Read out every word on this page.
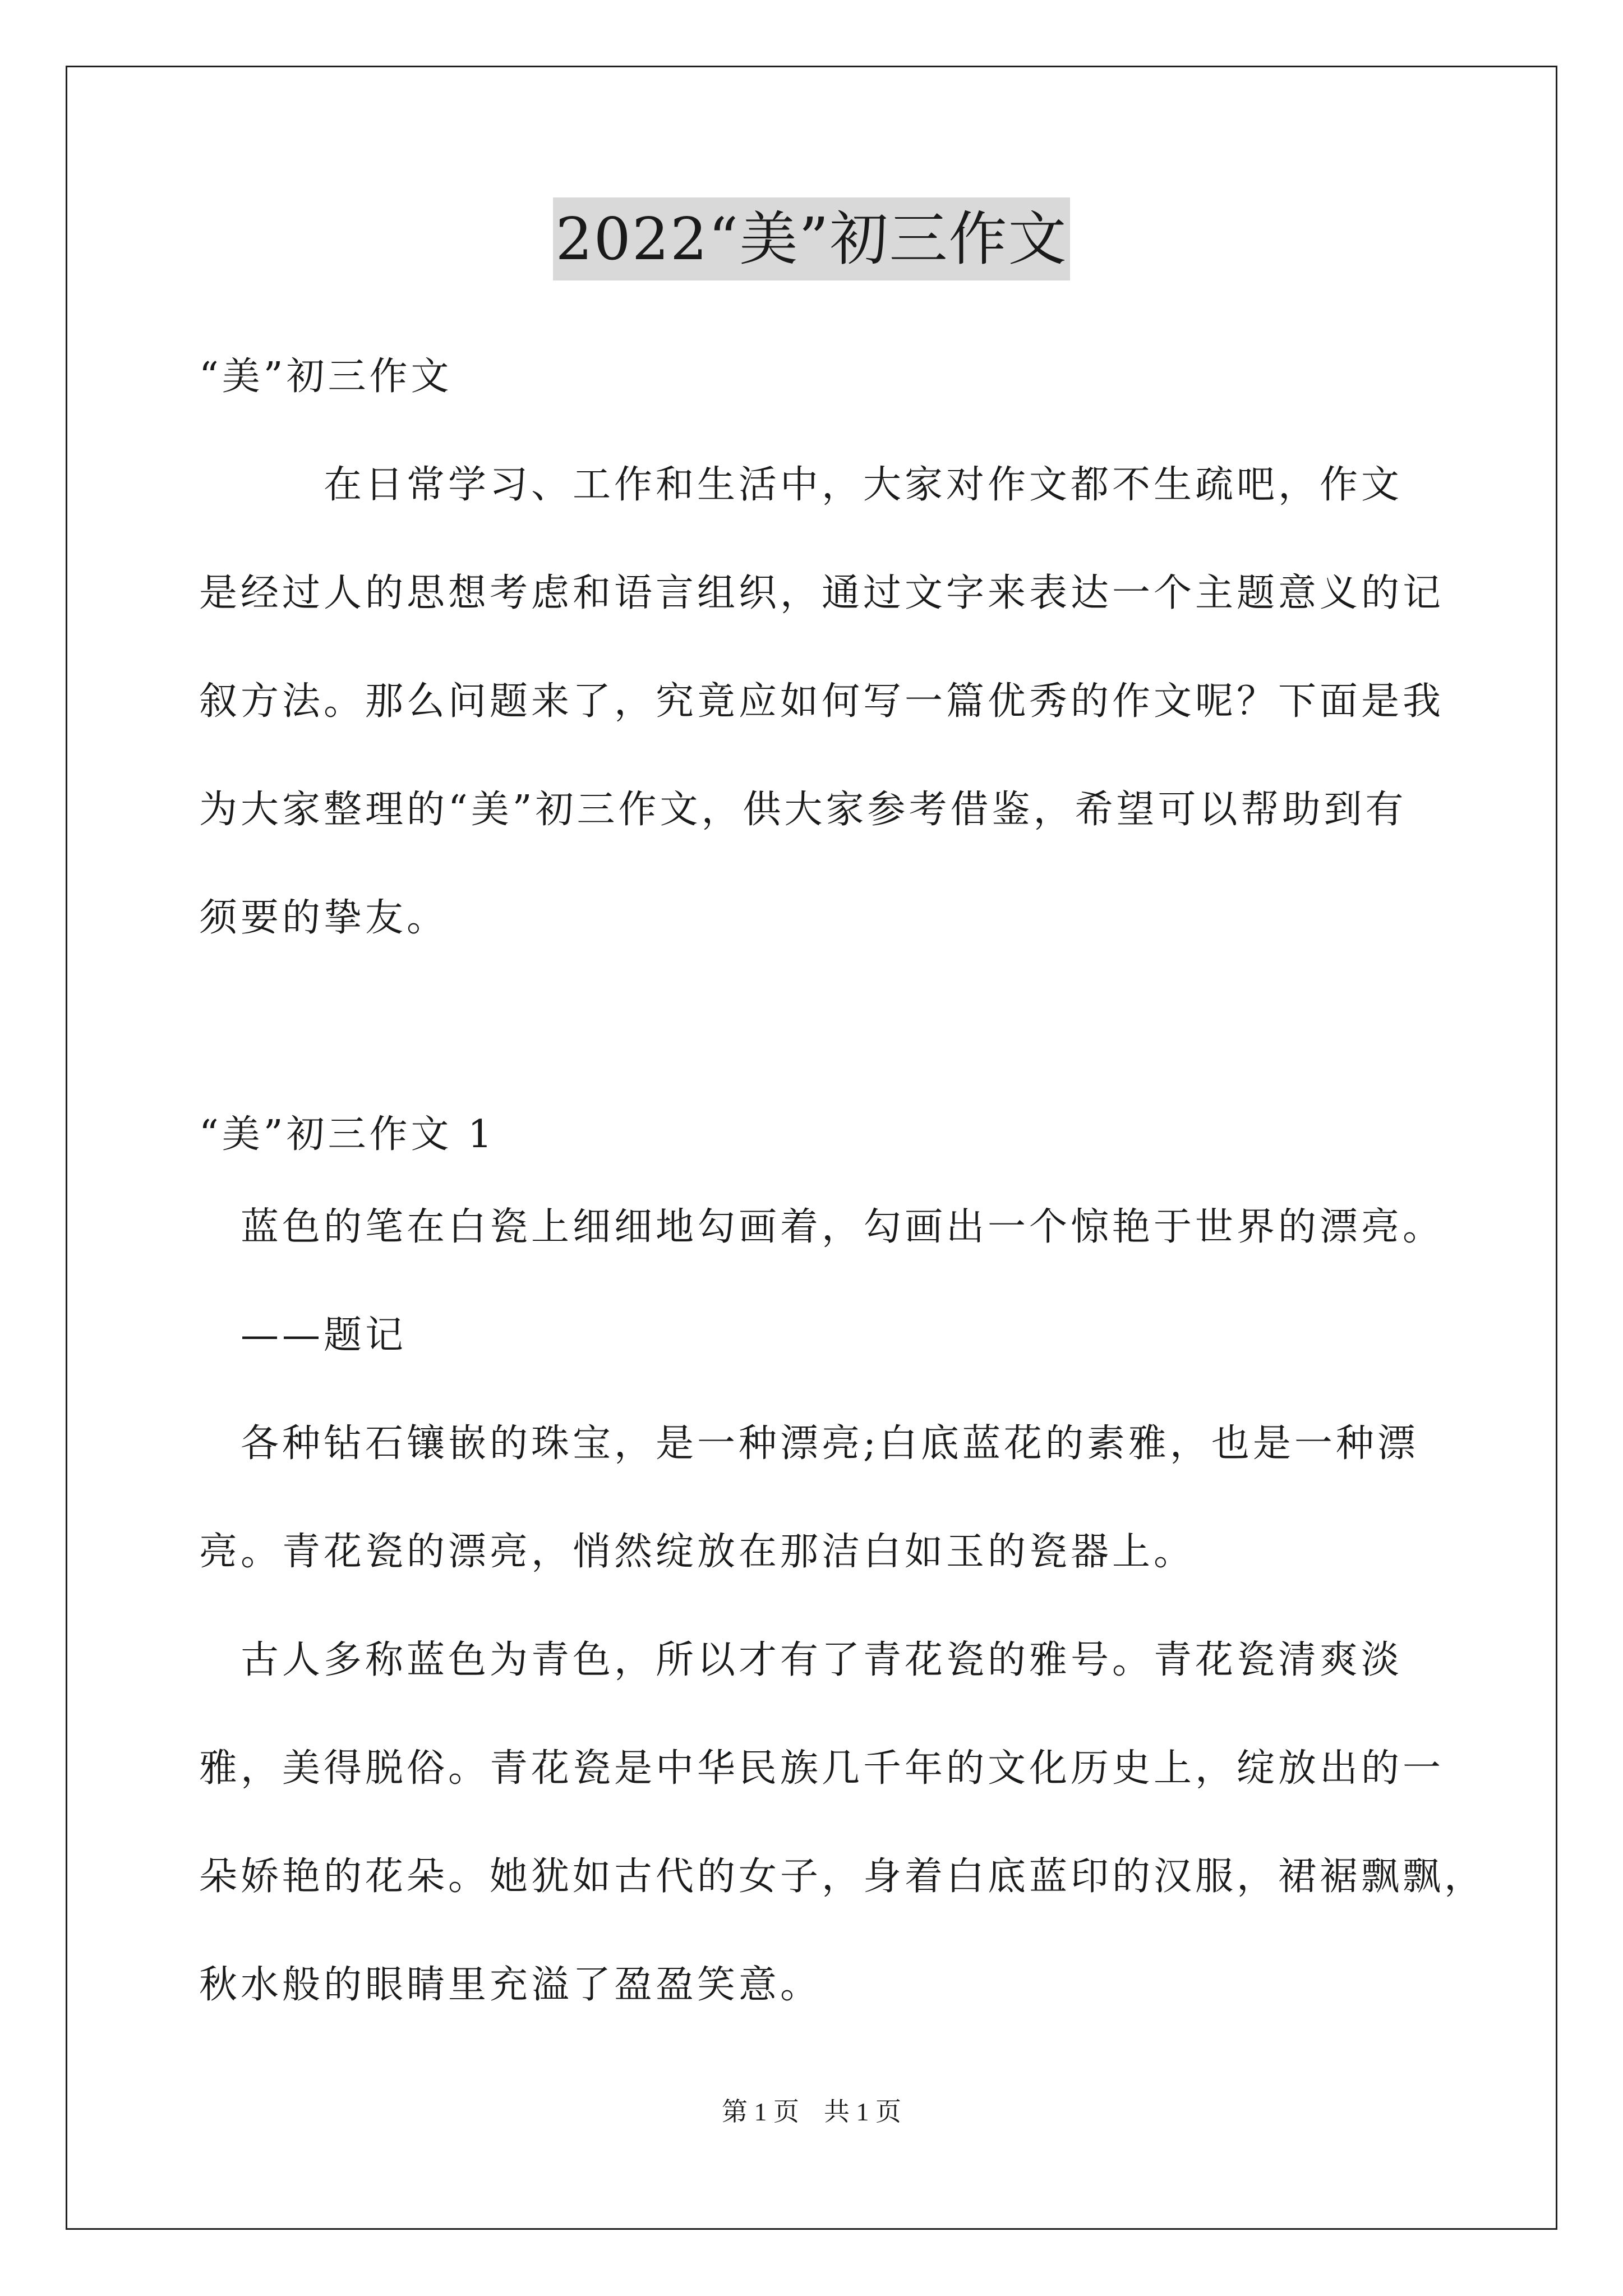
2022“美”初三作文
“美”初三作文
　　　在日常学习、工作和生活中，大家对作文都不生疏吧，作文
是经过人的思想考虑和语言组织，通过文字来表达一个主题意义的记
叙方法。那么问题来了，究竟应如何写一篇优秀的作文呢？下面是我
为大家整理的“美”初三作文，供大家参考借鉴，希望可以帮助到有
须要的挚友。
“美”初三作文 1
　蓝色的笔在白瓷上细细地勾画着，勾画出一个惊艳于世界的漂亮。
　——题记
　各种钻石镶嵌的珠宝，是一种漂亮;白底蓝花的素雅，也是一种漂
亮。青花瓷的漂亮，悄然绽放在那洁白如玉的瓷器上。
　古人多称蓝色为青色，所以才有了青花瓷的雅号。青花瓷清爽淡
雅，美得脱俗。青花瓷是中华民族几千年的文化历史上，绽放出的一
朵娇艳的花朵。她犹如古代的女子，身着白底蓝印的汉服，裙裾飘飘，
秋水般的眼睛里充溢了盈盈笑意。
第 1 页 共 1 页
